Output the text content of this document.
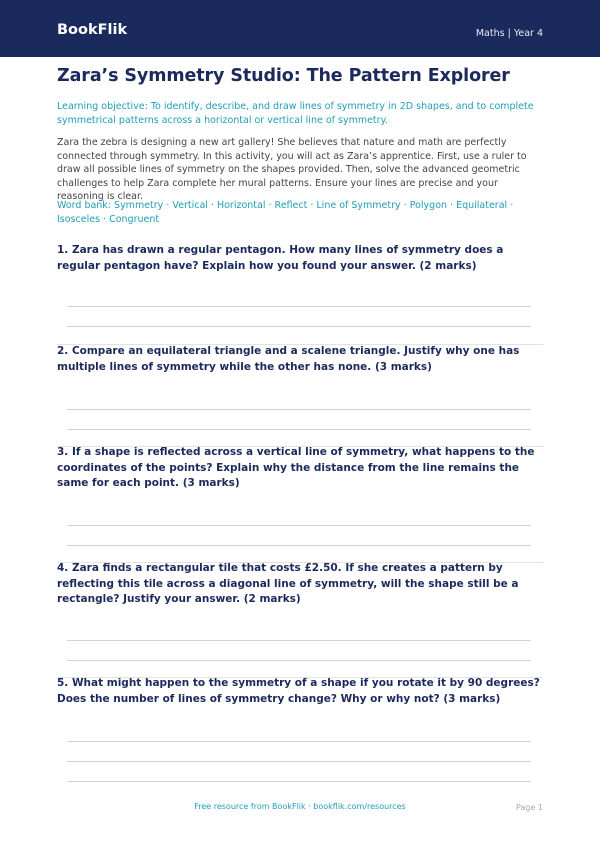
BookFlik	Maths | Year 4
Zara’s Symmetry Studio: The Pattern Explorer

Learning objective: To identify, describe, and draw lines of symmetry in 2D shapes, and to complete symmetrical patterns across a horizontal or vertical line of symmetry.

Zara the zebra is designing a new art gallery! She believes that nature and math are perfectly connected through symmetry. In this activity, you will act as Zara’s apprentice. First, use a ruler to draw all possible lines of symmetry on the shapes provided. Then, solve the advanced geometric challenges to help Zara complete her mural patterns. Ensure your lines are precise and your reasoning is clear.

Word bank: Symmetry · Vertical · Horizontal · Reflect · Line of Symmetry · Polygon · Equilateral · Isosceles · Congruent

1. Zara has drawn a regular pentagon. How many lines of symmetry does a regular pentagon have? Explain how you found your answer. (2 marks)

2. Compare an equilateral triangle and a scalene triangle. Justify why one has multiple lines of symmetry while the other has none. (3 marks)

3. If a shape is reflected across a vertical line of symmetry, what happens to the coordinates of the points? Explain why the distance from the line remains the same for each point. (3 marks)

4. Zara finds a rectangular tile that costs £2.50. If she creates a pattern by reflecting this tile across a diagonal line of symmetry, will the shape still be a rectangle? Justify your answer. (2 marks)

5. What might happen to the symmetry of a shape if you rotate it by 90 degrees? Does the number of lines of symmetry change? Why or why not? (3 marks)

Free resource from BookFlik · bookflik.com/resources	Page 1
